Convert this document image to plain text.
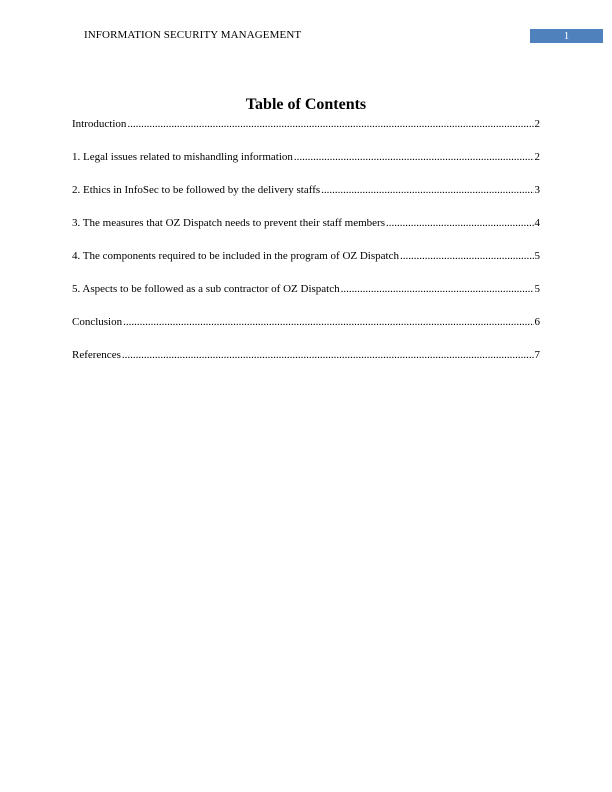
INFORMATION SECURITY MANAGEMENT	1
Table of Contents
Introduction .....	2
1. Legal issues related to mishandling information .....	2
2. Ethics in InfoSec to be followed by the delivery staffs .....	3
3. The measures that OZ Dispatch needs to prevent their staff members .....	4
4. The components required to be included in the program of OZ Dispatch .....	5
5. Aspects to be followed as a sub contractor of OZ Dispatch .....	5
Conclusion .....	6
References .....	7
